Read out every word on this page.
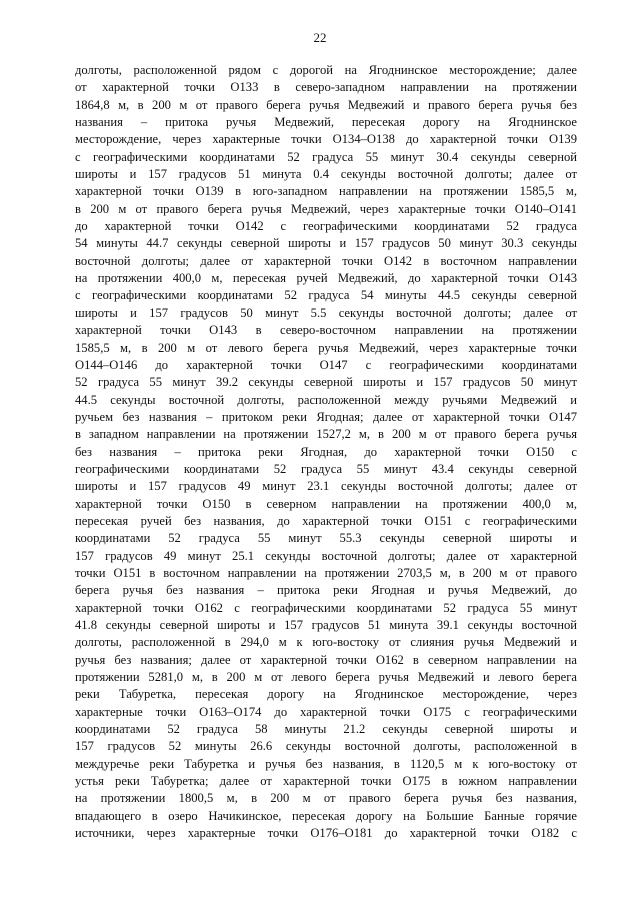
22
долготы, расположенной рядом с дорогой на Ягоднинское месторождение; далее
от характерной точки О133 в северо-западном направлении на протяжении
1864,8 м, в 200 м от правого берега ручья Медвежий и правого берега ручья без
названия – притока ручья Медвежий, пересекая дорогу на Ягоднинское
месторождение, через характерные точки О134–О138 до характерной точки О139
с географическими координатами 52 градуса 55 минут 30.4 секунды северной
широты и 157 градусов 51 минута 0.4 секунды восточной долготы; далее от
характерной точки О139 в юго-западном направлении на протяжении 1585,5 м,
в 200 м от правого берега ручья Медвежий, через характерные точки О140–О141
до характерной точки О142 с географическими координатами 52 градуса
54 минуты 44.7 секунды северной широты и 157 градусов 50 минут 30.3 секунды
восточной долготы; далее от характерной точки О142 в восточном направлении
на протяжении 400,0 м, пересекая ручей Медвежий, до характерной точки О143
с географическими координатами 52 градуса 54 минуты 44.5 секунды северной
широты и 157 градусов 50 минут 5.5 секунды восточной долготы; далее от
характерной точки О143 в северо-восточном направлении на протяжении
1585,5 м, в 200 м от левого берега ручья Медвежий, через характерные точки
О144–О146 до характерной точки О147 с географическими координатами
52 градуса 55 минут 39.2 секунды северной широты и 157 градусов 50 минут
44.5 секунды восточной долготы, расположенной между ручьями Медвежий и
ручьем без названия – притоком реки Ягодная; далее от характерной точки О147
в западном направлении на протяжении 1527,2 м, в 200 м от правого берега ручья
без названия – притока реки Ягодная, до характерной точки О150 с
географическими координатами 52 градуса 55 минут 43.4 секунды северной
широты и 157 градусов 49 минут 23.1 секунды восточной долготы; далее от
характерной точки О150 в северном направлении на протяжении 400,0 м,
пересекая ручей без названия, до характерной точки О151 с географическими
координатами 52 градуса 55 минут 55.3 секунды северной широты и
157 градусов 49 минут 25.1 секунды восточной долготы; далее от характерной
точки О151 в восточном направлении на протяжении 2703,5 м, в 200 м от правого
берега ручья без названия – притока реки Ягодная и ручья Медвежий, до
характерной точки О162 с географическими координатами 52 градуса 55 минут
41.8 секунды северной широты и 157 градусов 51 минута 39.1 секунды восточной
долготы, расположенной в 294,0 м к юго-востоку от слияния ручья Медвежий и
ручья без названия; далее от характерной точки О162 в северном направлении на
протяжении 5281,0 м, в 200 м от левого берега ручья Медвежий и левого берега
реки Табуретка, пересекая дорогу на Ягоднинское месторождение, через
характерные точки О163–О174 до характерной точки О175 с географическими
координатами 52 градуса 58 минуты 21.2 секунды северной широты и
157 градусов 52 минуты 26.6 секунды восточной долготы, расположенной в
междуречье реки Табуретка и ручья без названия, в 1120,5 м к юго-востоку от
устья реки Табуретка; далее от характерной точки О175 в южном направлении
на протяжении 1800,5 м, в 200 м от правого берега ручья без названия,
впадающего в озеро Начикинское, пересекая дорогу на Большие Банные горячие
источники, через характерные точки О176–О181 до характерной точки О182 с
